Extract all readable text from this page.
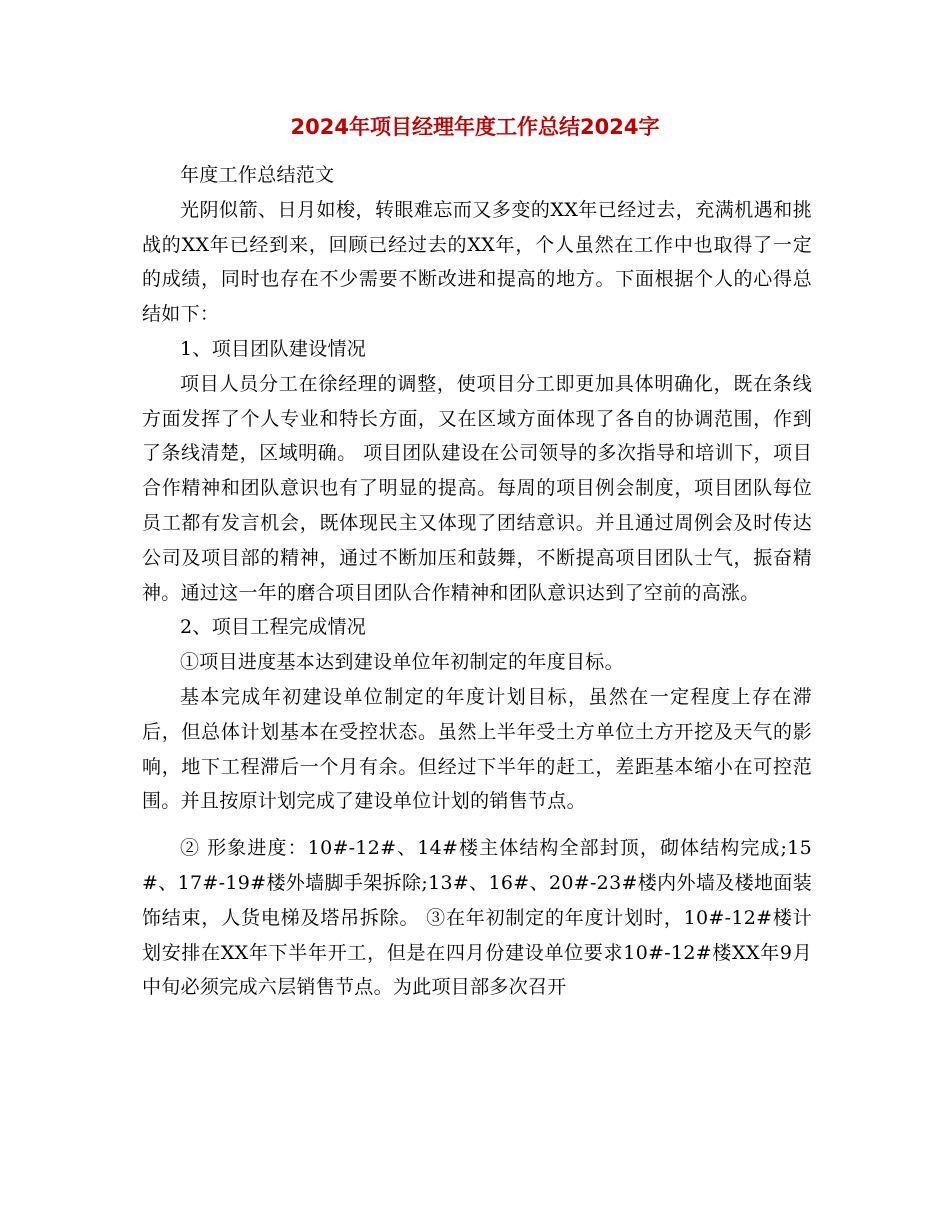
2024年项目经理年度工作总结2024字

年度工作总结范文

光阴似箭、日月如梭，转眼难忘而又多变的XX年已经过去，充满机遇和挑战的XX年已经到来，回顾已经过去的XX年，个人虽然在工作中也取得了一定的成绩，同时也存在不少需要不断改进和提高的地方。下面根据个人的心得总结如下：

1、项目团队建设情况

项目人员分工在徐经理的调整，使项目分工即更加具体明确化，既在条线方面发挥了个人专业和特长方面，又在区域方面体现了各自的协调范围，作到了条线清楚，区域明确。 项目团队建设在公司领导的多次指导和培训下，项目合作精神和团队意识也有了明显的提高。每周的项目例会制度，项目团队每位员工都有发言机会，既体现民主又体现了团结意识。并且通过周例会及时传达公司及项目部的精神，通过不断加压和鼓舞，不断提高项目团队士气，振奋精神。通过这一年的磨合项目团队合作精神和团队意识达到了空前的高涨。

2、项目工程完成情况

①项目进度基本达到建设单位年初制定的年度目标。

基本完成年初建设单位制定的年度计划目标，虽然在一定程度上存在滞后，但总体计划基本在受控状态。虽然上半年受土方单位土方开挖及天气的影响，地下工程滞后一个月有余。但经过下半年的赶工，差距基本缩小在可控范围。并且按原计划完成了建设单位计划的销售节点。

② 形象进度：10#-12#、14#楼主体结构全部封顶，砌体结构完成;15#、17#-19#楼外墙脚手架拆除;13#、16#、20#-23#楼内外墙及楼地面装饰结束，人货电梯及塔吊拆除。 ③在年初制定的年度计划时，10#-12#楼计划安排在XX年下半年开工，但是在四月份建设单位要求10#-12#楼XX年9月中旬必须完成六层销售节点。为此项目部多次召开
